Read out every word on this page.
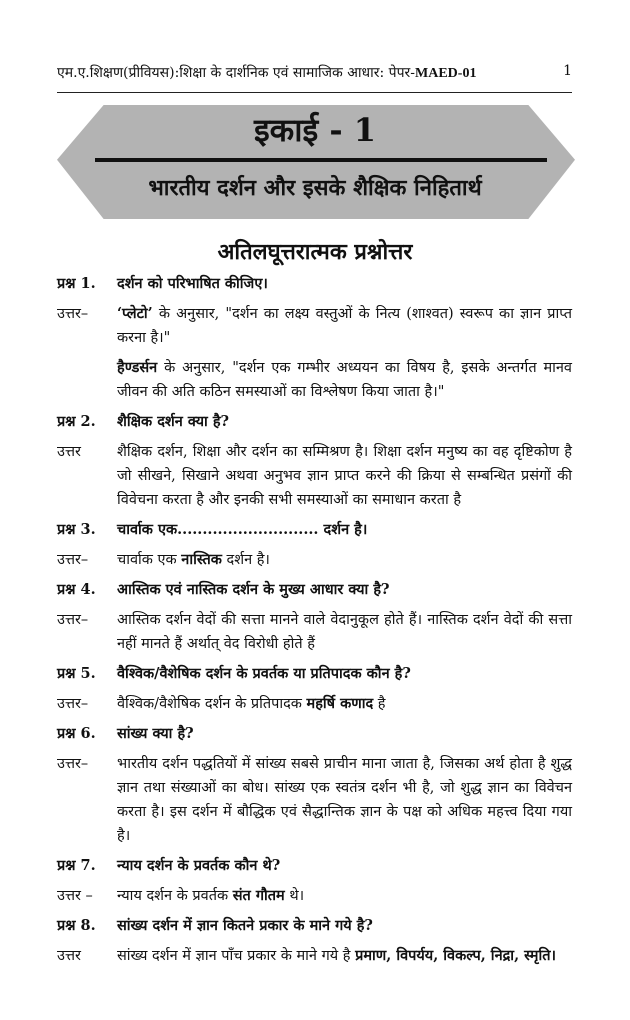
एम.ए.शिक्षण(प्रीवियस):शिक्षा के दार्शनिक एवं सामाजिक आधार: पेपर-MAED-01	1
इकाई - 1
भारतीय दर्शन और इसके शैक्षिक निहितार्थ
अतिलघूत्तरात्मक प्रश्नोत्तर
प्रश्न 1.	दर्शन को परिभाषित कीजिए।
उत्तर–	‘प्लेटो’ के अनुसार, "दर्शन का लक्ष्य वस्तुओं के नित्य (शाश्वत) स्वरूप का ज्ञान प्राप्त करना है।"
हैण्डर्सन के अनुसार, "दर्शन एक गम्भीर अध्ययन का विषय है, इसके अन्तर्गत मानव जीवन की अति कठिन समस्याओं का विश्लेषण किया जाता है।"
प्रश्न 2.	शैक्षिक दर्शन क्या है?
उत्तर	शैक्षिक दर्शन, शिक्षा और दर्शन का सम्मिश्रण है। शिक्षा दर्शन मनुष्य का वह दृष्टिकोण है जो सीखने, सिखाने अथवा अनुभव ज्ञान प्राप्त करने की क्रिया से सम्बन्धित प्रसंगों की विवेचना करता है और इनकी सभी समस्याओं का समाधान करता है
प्रश्न 3.	चार्वाक एक............................ दर्शन है।
उत्तर–	चार्वाक एक नास्तिक दर्शन है।
प्रश्न 4.	आस्तिक एवं नास्तिक दर्शन के मुख्य आधार क्या है?
उत्तर–	आस्तिक दर्शन वेदों की सत्ता मानने वाले वेदानुकूल होते हैं। नास्तिक दर्शन वेदों की सत्ता नहीं मानते हैं अर्थात् वेद विरोधी होते हैं
प्रश्न 5.	वैश्विक/वैशेषिक दर्शन के प्रवर्तक या प्रतिपादक कौन है?
उत्तर–	वैश्विक/वैशेषिक दर्शन के प्रतिपादक महर्षि कणाद है
प्रश्न 6.	सांख्य क्या है?
उत्तर–	भारतीय दर्शन पद्धतियों में सांख्य सबसे प्राचीन माना जाता है, जिसका अर्थ होता है शुद्ध ज्ञान तथा संख्याओं का बोध। सांख्य एक स्वतंत्र दर्शन भी है, जो शुद्ध ज्ञान का विवेचन करता है। इस दर्शन में बौद्धिक एवं सैद्धान्तिक ज्ञान के पक्ष को अधिक महत्त्व दिया गया है।
प्रश्न 7.	न्याय दर्शन के प्रवर्तक कौन थे?
उत्तर –	न्याय दर्शन के प्रवर्तक संत गौतम थे।
प्रश्न 8.	सांख्य दर्शन में ज्ञान कितने प्रकार के माने गये है?
उत्तर	सांख्य दर्शन में ज्ञान पाँच प्रकार के माने गये है प्रमाण, विपर्यय, विकल्प, निद्रा, स्मृति।
